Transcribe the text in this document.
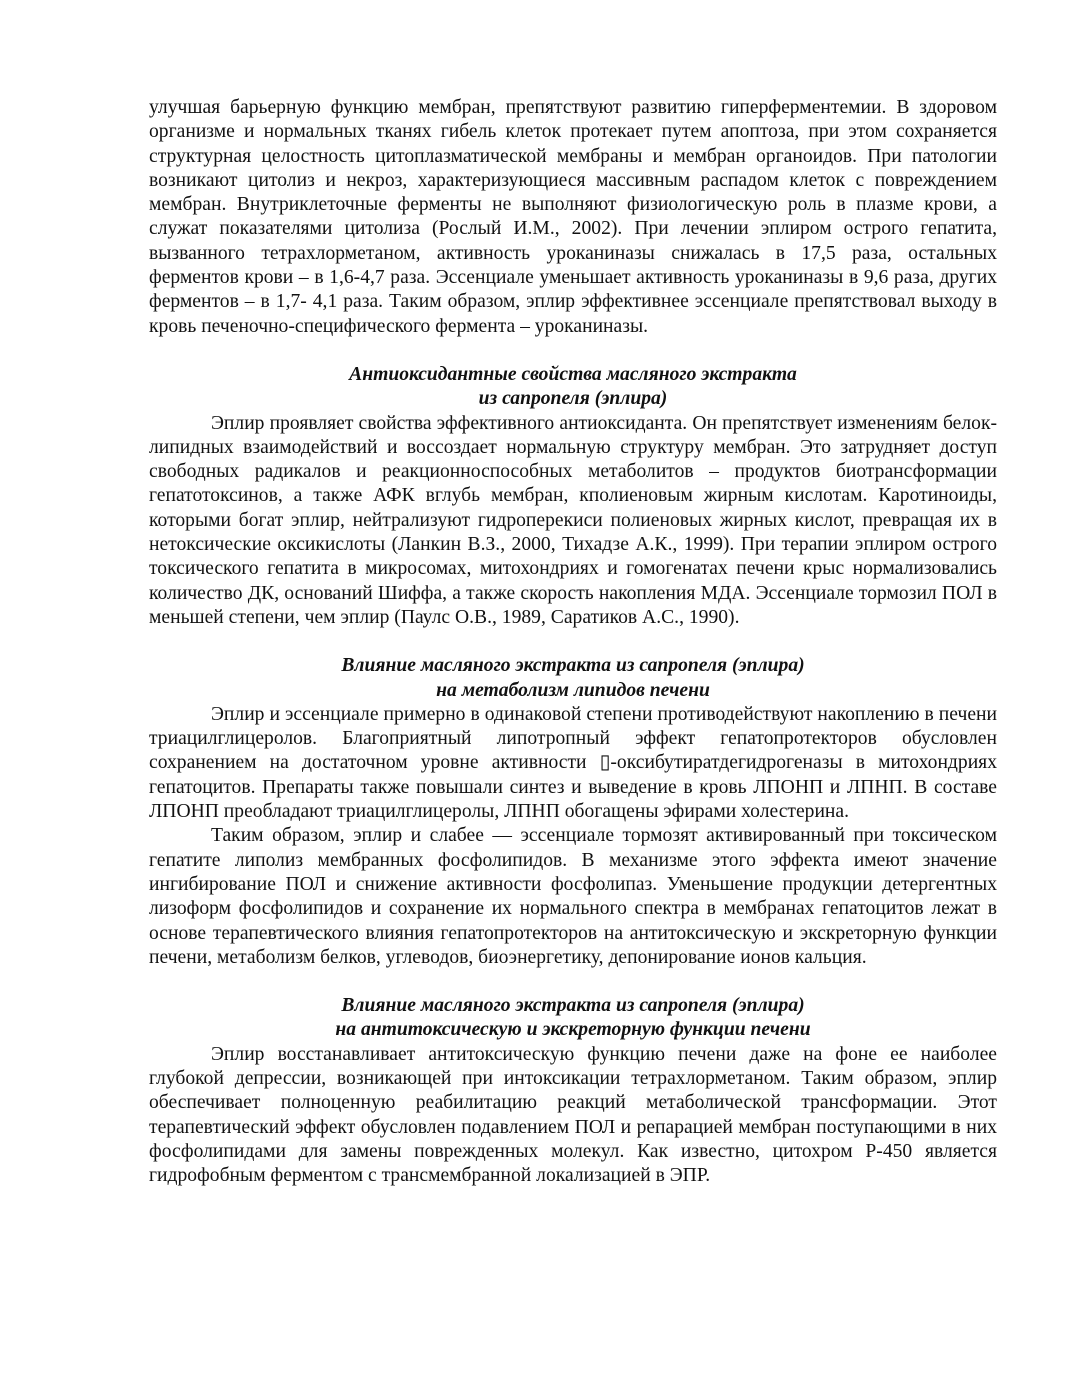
улучшая барьерную функцию мембран, препятствуют развитию гиперферментемии. В здоровом организме и нормальных тканях гибель клеток протекает путем апоптоза, при этом сохраняется структурная целостность цитоплазматической мембраны и мембран органоидов. При патологии возникают цитолиз и некроз, характеризующиеся массивным распадом клеток с повреждением мембран. Внутриклеточные ферменты не выполняют физиологическую роль в плазме крови, а служат показателями цитолиза (Рослый И.М., 2002). При лечении эплиром острого гепатита, вызванного тетрахлорметаном, активность уроканиназы снижалась в 17,5 раза, остальных ферментов крови – в 1,6-4,7 раза. Эссенциале уменьшает активность уроканиназы в 9,6 раза, других ферментов – в 1,7- 4,1 раза. Таким образом, эплир эффективнее эссенциале препятствовал выходу в кровь печеночно-специфического фермента – уроканиназы.

Антиоксидантные свойства масляного экстракта

из сапропеля (эплира)

Эплир проявляет свойства эффективного антиоксиданта. Он препятствует изменениям белок-липидных взаимодействий и воссоздает нормальную структуру мембран. Это затрудняет доступ свободных радикалов и реакционноспособных метаболитов – продуктов биотрансформации гепатотоксинов, а также АФК вглубь мембран, кполиеновым жирным кислотам. Каротиноиды, которыми богат эплир, нейтрализуют гидроперекиси полиеновых жирных кислот, превращая их в нетоксические оксикислоты (Ланкин В.З., 2000, Тихадзе А.К., 1999). При терапии эплиром острого токсического гепатита в микросомах, митохондриях и гомогенатах печени крыс нормализовались количество ДК, оснований Шиффа, а также скорость накопления МДА. Эссенциале тормозил ПОЛ в меньшей степени, чем эплир (Паулс О.В., 1989, Саратиков А.С., 1990).

Влияние масляного экстракта из сапропеля (эплира)

на метаболизм липидов печени

Эплир и эссенциале примерно в одинаковой степени противодействуют накоплению в печени триацилглицеролов. Благоприятный липотропный эффект гепатопротекторов обусловлен сохранением на достаточном уровне активности ▯-оксибутиратдегидрогеназы в митохондриях гепатоцитов. Препараты также повышали синтез и выведение в кровь ЛПОНП и ЛПНП. В составе ЛПОНП преобладают триацилглицеролы, ЛПНП обогащены эфирами холестерина.

Таким образом, эплир и слабее — эссенциале тормозят активированный при токсическом гепатите липолиз мембранных фосфолипидов. В механизме этого эффекта имеют значение ингибирование ПОЛ и снижение активности фосфолипаз. Уменьшение продукции детергентных лизоформ фосфолипидов и сохранение их нормального спектра в мембранах гепатоцитов лежат в основе терапевтического влияния гепатопротекторов на антитоксическую и экскреторную функции печени, метаболизм белков, углеводов, биоэнергетику, депонирование ионов кальция.

Влияние масляного экстракта из сапропеля (эплира)

на антитоксическую и экскреторную функции печени

Эплир восстанавливает антитоксическую функцию печени даже на фоне ее наиболее глубокой депрессии, возникающей при интоксикации тетрахлорметаном. Таким образом, эплир обеспечивает полноценную реабилитацию реакций метаболической трансформации. Этот терапевтический эффект обусловлен подавлением ПОЛ и репарацией мембран поступающими в них фосфолипидами для замены поврежденных молекул. Как известно, цитохром Р-450 является гидрофобным ферментом с трансмембранной локализацией в ЭПР.
